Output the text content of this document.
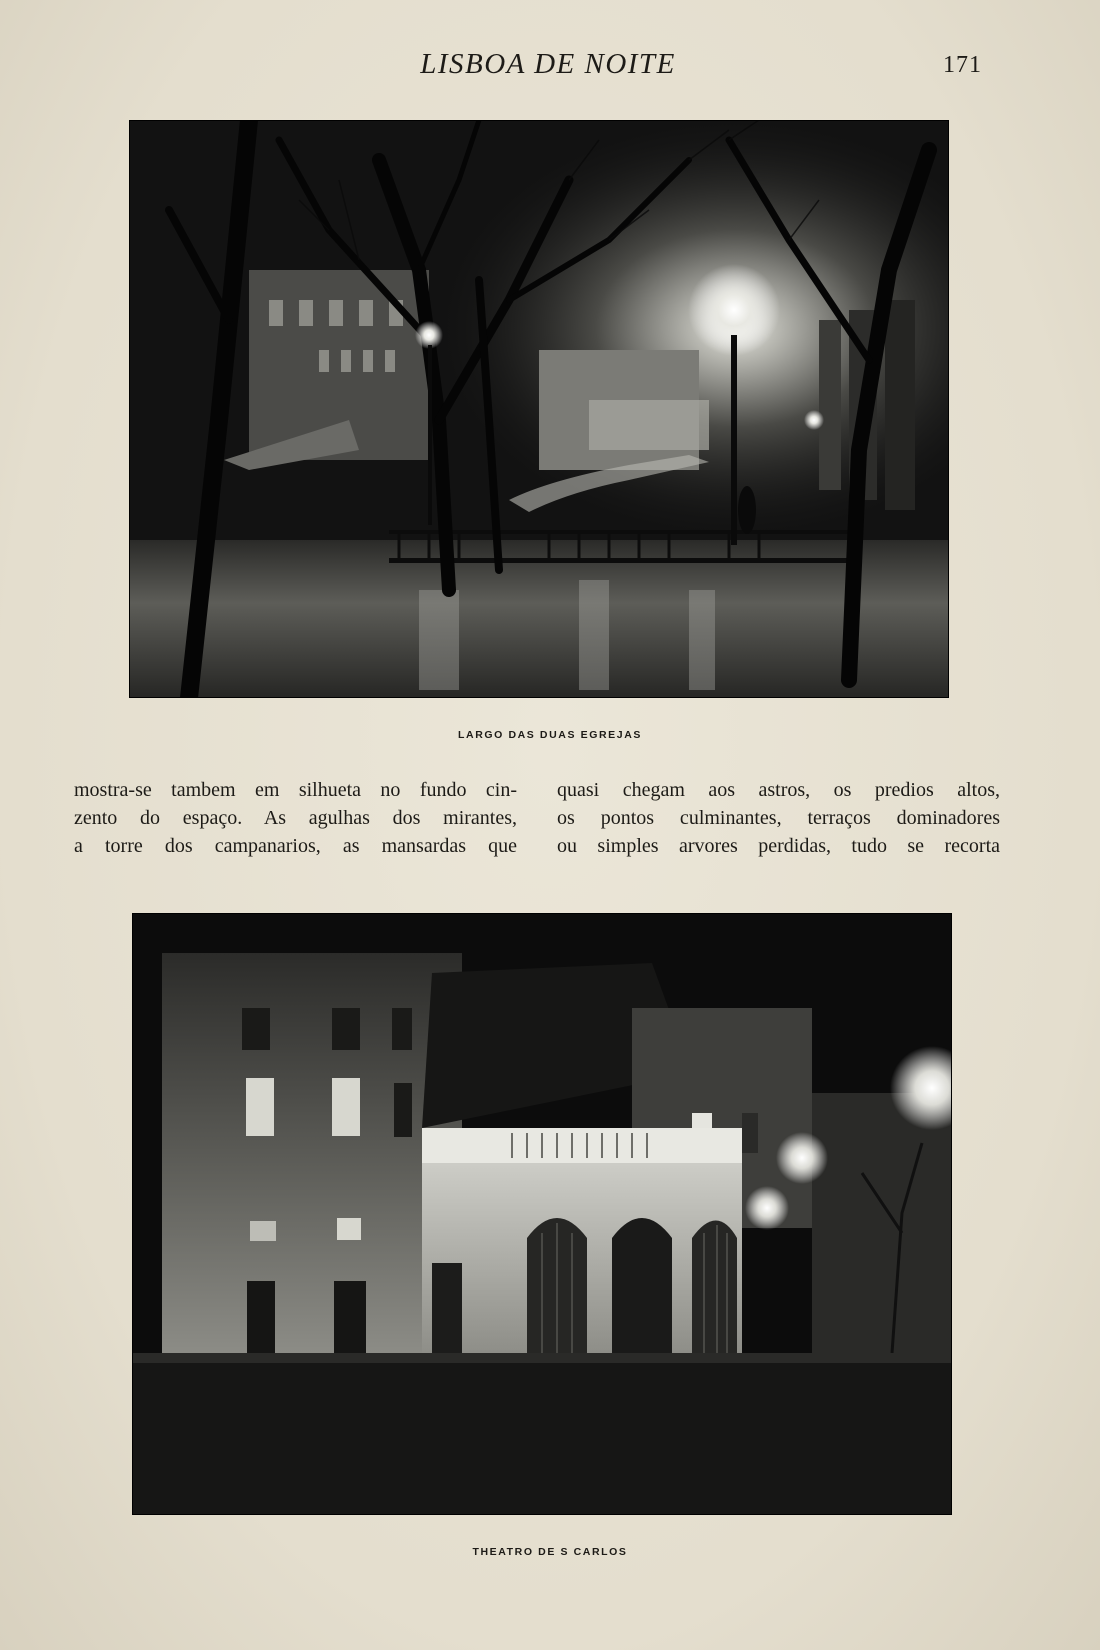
LISBOA DE NOITE	171
LARGO DAS DUAS EGREJAS
mostra-se tambem em silhueta no fundo cin-
zento do espaço. As agulhas dos mirantes,
a torre dos campanarios, as mansardas que
quasi chegam aos astros, os predios altos,
os pontos culminantes, terraços dominadores
ou simples arvores perdidas, tudo se recorta
THEATRO DE S CARLOS
